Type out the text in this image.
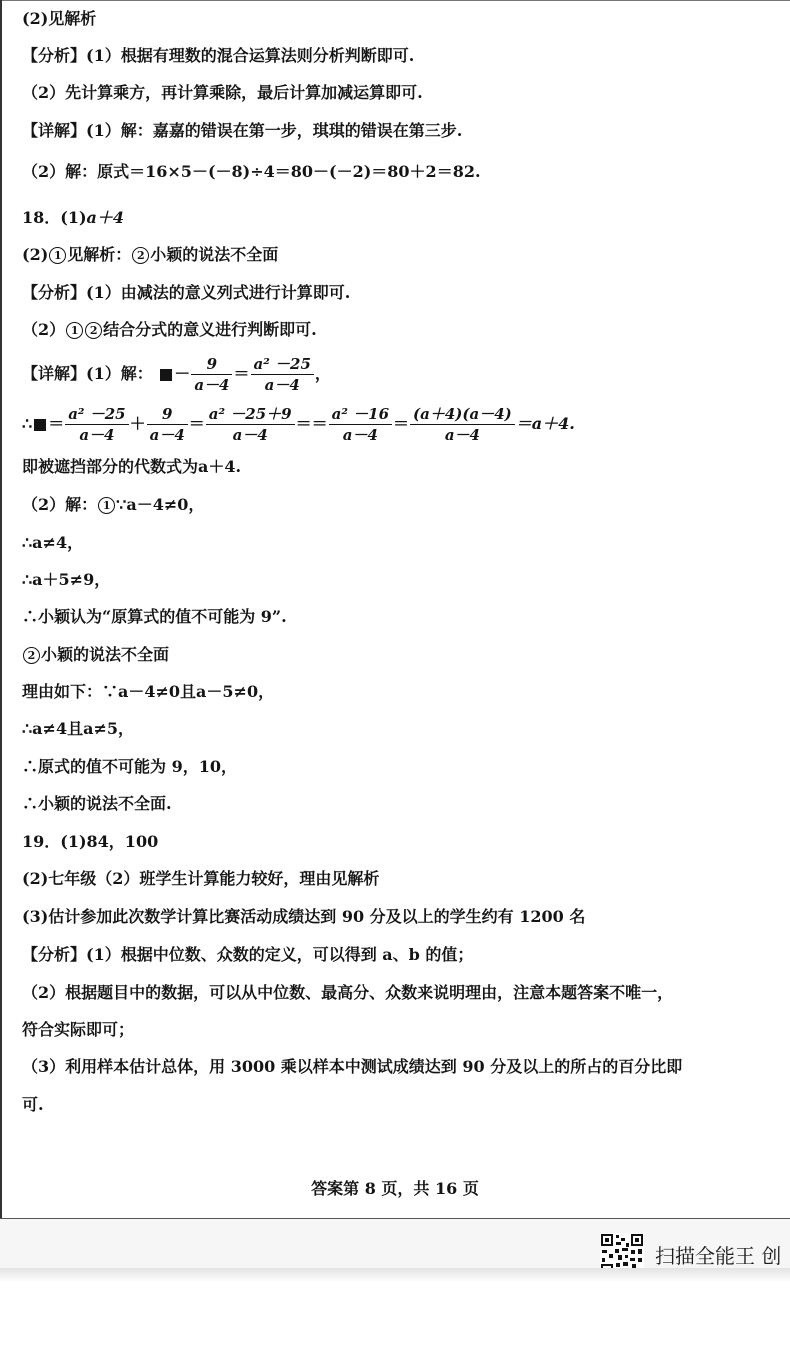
(2)见解析
【分析】(1）根据有理数的混合运算法则分析判断即可.
（2）先计算乘方，再计算乘除，最后计算加减运算即可.
【详解】(1）解：嘉嘉的错误在第一步，琪琪的错误在第三步.
（2）解：原式＝16×5－(－8)÷4＝80－(－2)＝80＋2＝82.
18．(1)a＋4
(2) 1 见解析： 2 小颖的说法不全面
【分析】(1）由减法的意义列式进行计算即可.
（2） 1 2 结合分式的意义进行判断即可.
【详解】(1）解： － $\frac{9}{a-4} = \frac{\text{a² －25}}{a-4}$ ，
∴ ＝ $\frac{\text{a² －25}}{a-4} + \frac{9}{a-4} = \frac{\text{a² －25＋9}}{a-4} == \frac{\text{a² －16}}{a-4} = \frac{(a+4)(a-4)}{a-4} =a+4$.
即被遮挡部分的代数式为a＋4.
（2）解： 1 ∵a－4≠0，
∴a≠4，
∴a＋5≠9，
∴小颖认为“原算式的值不可能为 9”.
2 小颖的说法不全面
理由如下：∵a－4≠0且a－5≠0，
∴a≠4且a≠5，
∴原式的值不可能为 9，10，
∴小颖的说法不全面.
19．(1)84，100
(2)七年级（2）班学生计算能力较好，理由见解析
(3)估计参加此次数学计算比赛活动成绩达到 90 分及以上的学生约有 1200 名
【分析】(1）根据中位数、众数的定义，可以得到 a、b 的值；
（2）根据题目中的数据，可以从中位数、最高分、众数来说明理由，注意本题答案不唯一，
符合实际即可；
（3）利用样本估计总体，用 3000 乘以样本中测试成绩达到 90 分及以上的所占的百分比即
可.
答案第 8 页，共 16 页
扫描全能王 创
